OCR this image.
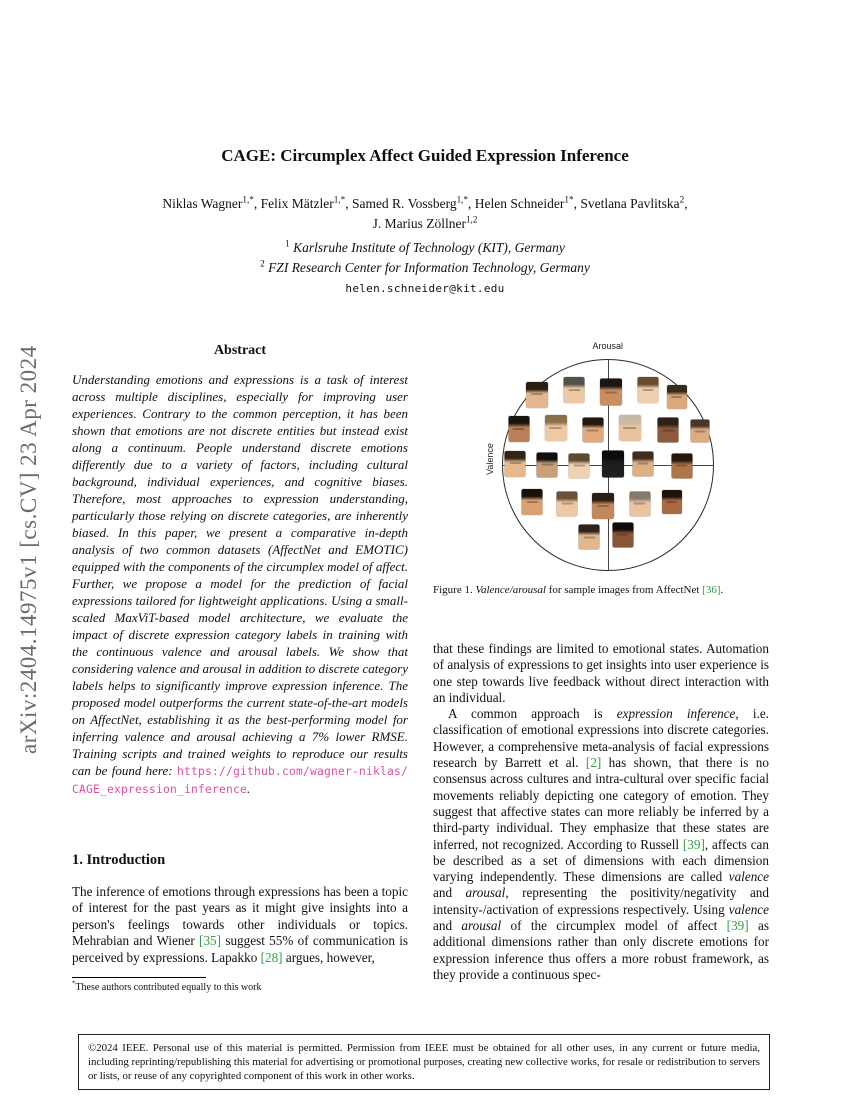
arXiv:2404.14975v1 [cs.CV] 23 Apr 2024
CAGE: Circumplex Affect Guided Expression Inference
Niklas Wagner$^{1,*}$, Felix Mätzler$^{1,*}$, Samed R. Vossberg$^{1,*}$, Helen Schneider$^{1*}$, Svetlana Pavlitska$^2$,
J. Marius Zöllner$^{1,2}$
$^1$ Karlsruhe Institute of Technology (KIT), Germany
$^2$ FZI Research Center for Information Technology, Germany
helen.schneider@kit.edu
Abstract
Understanding emotions and expressions is a task of interest across multiple disciplines, especially for improving user experiences. Contrary to the common perception, it has been shown that emotions are not discrete entities but instead exist along a continuum. People understand discrete emotions differently due to a variety of factors, including cultural background, individual experiences, and cognitive biases. Therefore, most approaches to expression understanding, particularly those relying on discrete categories, are inherently biased. In this paper, we present a comparative in-depth analysis of two common datasets (AffectNet and EMOTIC) equipped with the components of the circumplex model of affect. Further, we propose a model for the prediction of facial expressions tailored for lightweight applications. Using a small-scaled MaxViT-based model architecture, we evaluate the impact of discrete expression category labels in training with the continuous valence and arousal labels. We show that considering valence and arousal in addition to discrete category labels helps to significantly improve expression inference. The proposed model outperforms the current state-of-the-art models on AffectNet, establishing it as the best-performing model for inferring valence and arousal achieving a 7% lower RMSE. Training scripts and trained weights to reproduce our results can be found here: https://github.com/wagner-niklas/CAGE_expression_inference.
1. Introduction
The inference of emotions through expressions has been a topic of interest for the past years as it might give insights into a person's feelings towards other individuals or topics. Mehrabian and Wiener [35] suggest 55% of communication is perceived by expressions. Lapakko [28] argues, however,
*These authors contributed equally to this work
Arousal
Valence
Figure 1. Valence/arousal for sample images from AffectNet [36].

that these findings are limited to emotional states. Automation of analysis of expressions to get insights into user experience is one step towards live feedback without direct interaction with an individual.

A common approach is expression inference, i.e. classification of emotional expressions into discrete categories. However, a comprehensive meta-analysis of facial expressions research by Barrett et al. [2] has shown, that there is no consensus across cultures and intra-cultural over specific facial movements reliably depicting one category of emotion. They suggest that affective states can more reliably be inferred by a third-party individual. They emphasize that these states are inferred, not recognized. According to Russell [39], affects can be described as a set of dimensions with each dimension varying independently. These dimensions are called valence and arousal, representing the positivity/negativity and intensity-/activation of expressions respectively. Using valence and arousal of the circumplex model of affect [39] as additional dimensions rather than only discrete emotions for expression inference thus offers a more robust framework, as they provide a continuous spec-

©2024 IEEE. Personal use of this material is permitted. Permission from IEEE must be obtained for all other uses, in any current or future media, including reprinting/republishing this material for advertising or promotional purposes, creating new collective works, for resale or redistribution to servers or lists, or reuse of any copyrighted component of this work in other works.
